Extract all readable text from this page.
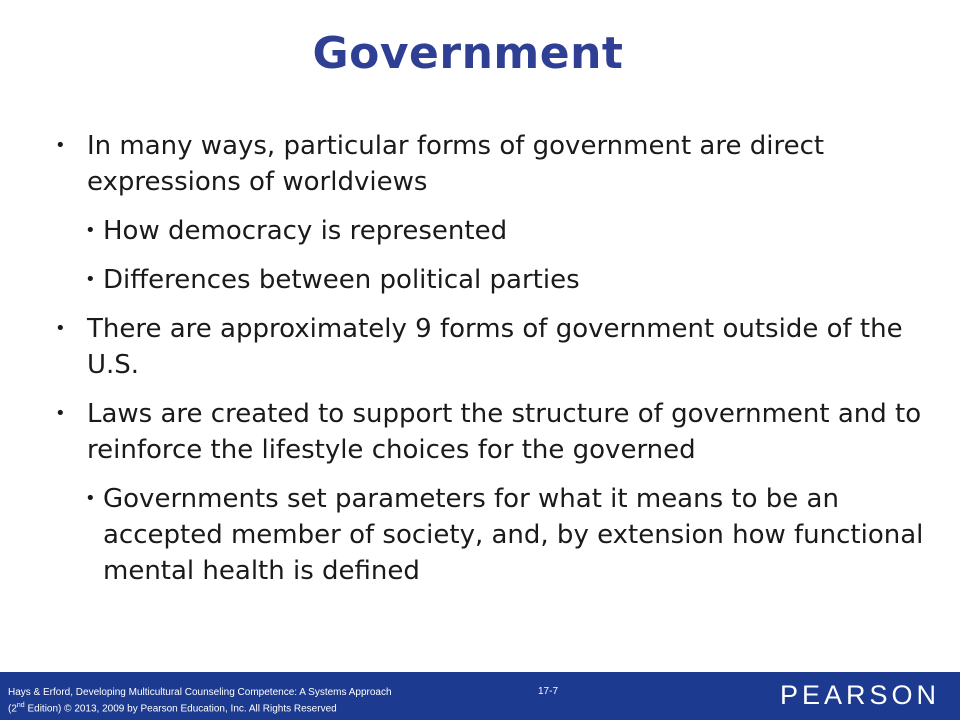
Government
• In many ways, particular forms of government are direct expressions of worldviews
• How democracy is represented
• Differences between political parties
• There are approximately 9 forms of government outside of the U.S.
• Laws are created to support the structure of government and to reinforce the lifestyle choices for the governed
• Governments set parameters for what it means to be an accepted member of society, and, by extension how functional mental health is defined
Hays & Erford, Developing Multicultural Counseling Competence: A Systems Approach
(2nd Edition) © 2013, 2009 by Pearson Education, Inc. All Rights Reserved
17-7	PEARSON
